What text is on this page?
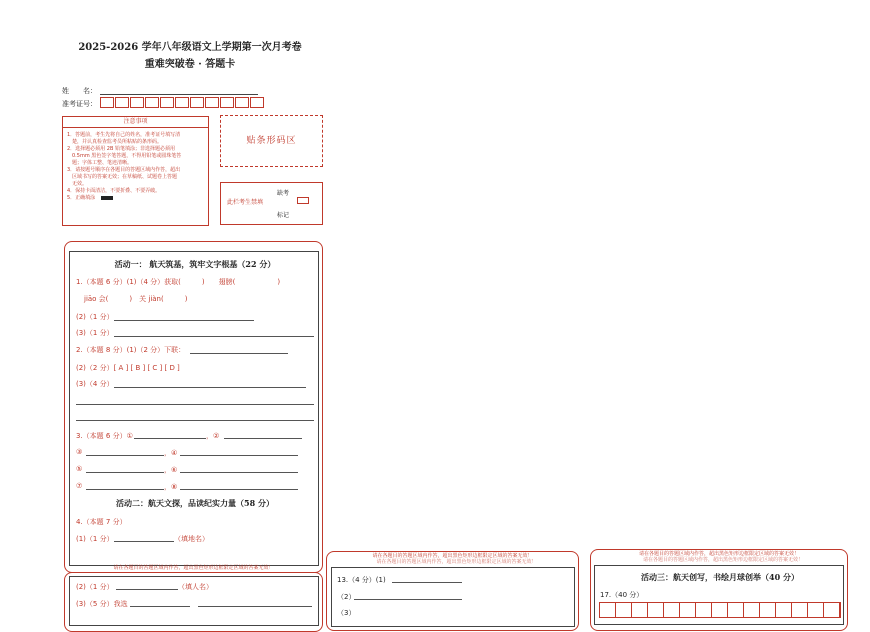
2025-2026 学年八年级语文上学期第一次月考卷
重难突破卷 · 答题卡
姓　　名：
准考证号：
注意事项
1．答题前，考生先将自己的姓名，准考证号填写清
　楚，并认真检查监考员所粘贴的条形码。
2．选择题必须用 2B 铅笔填涂；非选择题必须用
　0.5mm 黑色签字笔答题，不得用铅笔或圆珠笔答
　题；字体工整、笔迹清晰。
3．请按题号顺序在各题目的答题区域内作答，超出
　区域书写的答案无效；在草稿纸、试题卷上答题
　无效。
4．保持卡面清洁，不要折叠、不要弄破。
5．正确填涂
贴条形码区
缺考
此栏考生禁填
标记
活动一： 航天筑基，筑牢文字根基（22 分）
1.（本题 6 分）(1)（4 分）获取(　　　)　　翅膀(　　　　　　)
jiāo 会(　　　)　关 jiàn(　　　)
(2)（1 分）
(3)（1 分）
2.（本题 8 分）(1)（2 分）下联：
(2)（2 分）[ A ] [ B ] [ C ] [ D ]
(3)（4 分）
3.（本题 6 分）①	，②
③	，④
⑤	，⑥
⑦	，⑧
活动二：航天文探，品读纪实力量（58 分）
4.（本题 7 分）
(1)（1 分）	（填地名）
请在各题目的答题区域内作答，超出黑色矩形边框限定区域的答案无效！
(2)（1 分）	（填人名）
(3)（5 分）我选
请在各题目的答题区域内作答，超出黑色矩形边框限定区域的答案无效！
请在各题目的答题区域内作答，超出黑色矩形边框限定区域的答案无效！
13.（4 分）(1)
（2）
（3）
请在各题目的答题区域内作答，超出黑色矩形边框限定区域的答案无效！
请在各题目的答题区域内作答，超出黑色矩形边框限定区域的答案无效！
活动三：航天创写，书绘月球创举（40 分）
17.（40 分）
